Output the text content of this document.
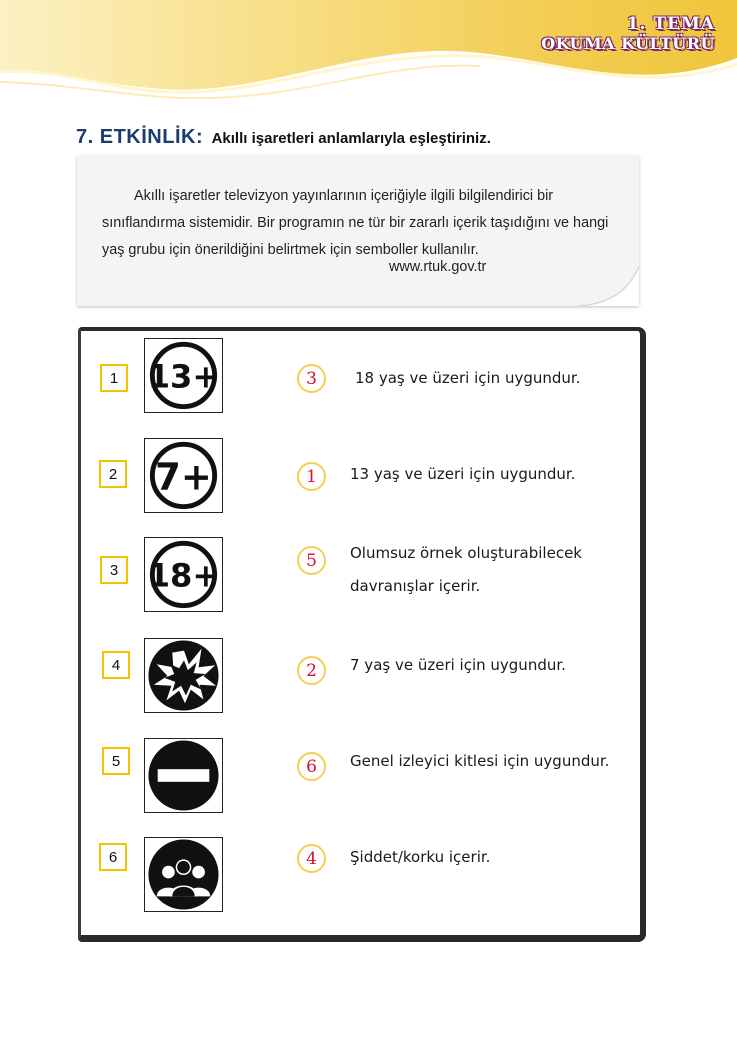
1. TEMA
OKUMA KÜLTÜRÜ
7. ETKİNLİK: Akıllı işaretleri anlamlarıyla eşleştiriniz.

Akıllı işaretler televizyon yayınlarının içeriğiyle ilgili bilgilendirici bir sınıflandırma sistemidir. Bir programın ne tür bir zararlı içerik taşıdığını ve hangi yaş grubu için önerildiğini belirtmek için semboller kullanılır.

www.rtuk.gov.tr
1 13+	3	18 yaş ve üzeri için uygundur.
2 7+	1	13 yaş ve üzeri için uygundur.
3 18+	5	Olumsuz örnek oluşturabilecek
davranışlar içerir.
4	2	7 yaş ve üzeri için uygundur.
5	6	Genel izleyici kitlesi için uygundur.
6	4	Şiddet/korku içerir.
